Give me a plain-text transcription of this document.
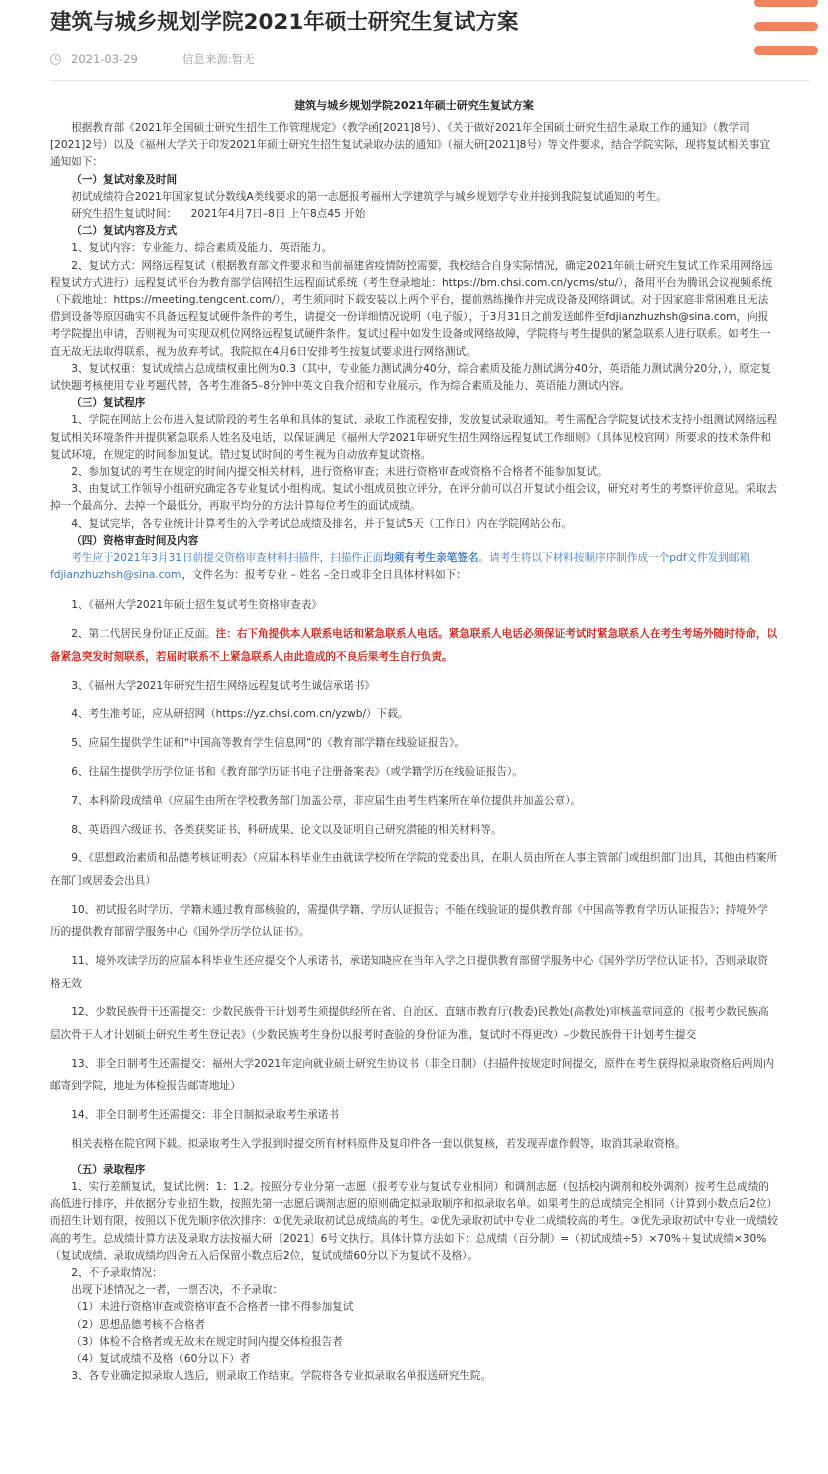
建筑与城乡规划学院2021年硕士研究生复试方案
2021-03-29	信息来源:暂无
建筑与城乡规划学院2021年硕士研究生复试方案

根据教育部《2021年全国硕士研究生招生工作管理规定》（教学函[2021]8号）、《关于做好2021年全国硕士研究生招生录取工作的通知》（教学司[2021]2号）以及《福州大学关于印发2021年硕士研究生招生复试录取办法的通知》（福大研[2021]8号）等文件要求，结合学院实际，现将复试相关事宜通知如下：

（一）复试对象及时间

初试成绩符合2021年国家复试分数线A类线要求的第一志愿报考福州大学建筑学与城乡规划学专业并接到我院复试通知的考生。

研究生招生复试时间：    2021年4月7日–8日 上午8点45 开始

（二）复试内容及方式

1、复试内容：专业能力、综合素质及能力、英语能力。

2、复试方式：网络远程复试（根据教育部文件要求和当前福建省疫情防控需要，我校结合自身实际情况，确定2021年硕士研究生复试工作采用网络远程复试方式进行）远程复试平台为教育部学信网招生远程面试系统（考生登录地址：https://bm.chsi.com.cn/ycms/stu/），备用平台为腾讯会议视频系统（下载地址：https://meeting.tengcent.com/），考生须同时下载安装以上两个平台，提前熟练操作并完成设备及网络调试。对于因家庭非常困难且无法借到设备等原因确实不具备远程复试硬件条件的考生，请提交一份详细情况说明（电子版），于3月31日之前发送邮件至fdjianzhuzhsh@sina.com，向报考学院提出申请，否则视为可实现双机位网络远程复试硬件条件。复试过程中如发生设备或网络故障，学院将与考生提供的紧急联系人进行联系。如考生一直无故无法取得联系，视为放弃考试。我院拟在4月6日安排考生按复试要求进行网络测试。

3、复试权重：复试成绩占总成绩权重比例为0.3（其中，专业能力测试满分40分，综合素质及能力测试满分40分，英语能力测试满分20分，），原定复试快题考核使用专业考题代替，各考生准备5–8分钟中英文自我介绍和专业展示，作为综合素质及能力、英语能力测试内容。

（三）复试程序

1、学院在网站上公布进入复试阶段的考生名单和具体的复试、录取工作流程安排，发放复试录取通知。考生需配合学院复试技术支持小组测试网络远程复试相关环境条件并提供紧急联系人姓名及电话，以保证满足《福州大学2021年研究生招生网络远程复试工作细则》（具体见校官网）所要求的技术条件和复试环境，在规定的时间参加复试。错过复试时间的考生视为自动放弃复试资格。

2、参加复试的考生在规定的时间内提交相关材料，进行资格审查；未进行资格审查或资格不合格者不能参加复试。

3、由复试工作领导小组研究确定各专业复试小组构成。复试小组成员独立评分，在评分前可以召开复试小组会议，研究对考生的考察评价意见。采取去掉一个最高分、去掉一个最低分，再取平均分的方法计算每位考生的面试成绩。

4、复试完毕，各专业统计计算考生的入学考试总成绩及排名，并于复试5天（工作日）内在学院网站公布。

（四）资格审查时间及内容

考生应于2021年3月31日前提交资格审查材料扫描件，扫描件正面均须有考生亲笔签名。请考生将以下材料按顺序序制作成一个pdf文件发到邮箱fdjianzhuzhsh@sina.com，文件名为：报考专业 – 姓名 –全日或非全日具体材料如下：

1、《福州大学2021年硕士招生复试考生资格审查表》

2、第二代居民身份证正反面。注：右下角提供本人联系电话和紧急联系人电话。紧急联系人电话必须保证考试时紧急联系人在考生考场外随时待命，以备紧急突发时刻联系，若届时联系不上紧急联系人由此造成的不良后果考生自行负责。

3、《福州大学2021年研究生招生网络远程复试考生诚信承诺书》

4、考生准考证，应从研招网（https://yz.chsi.com.cn/yzwb/）下载。

5、应届生提供学生证和“中国高等教育学生信息网”的《教育部学籍在线验证报告》。

6、往届生提供学历学位证书和《教育部学历证书电子注册备案表》（或学籍学历在线验证报告）。

7、本科阶段成绩单（应届生由所在学校教务部门加盖公章，非应届生由考生档案所在单位提供并加盖公章）。

8、英语四六级证书、各类获奖证书、科研成果、论文以及证明自己研究潜能的相关材料等。

9、《思想政治素质和品德考核证明表》（应届本科毕业生由就读学校所在学院的党委出具，在职人员由所在人事主管部门或组织部门出具，其他由档案所在部门或居委会出具）

10、初试报名时学历、学籍未通过教育部核验的，需提供学籍、学历认证报告；不能在线验证的提供教育部《中国高等教育学历认证报告》；持境外学历的提供教育部留学服务中心《国外学历学位认证书》。

11、境外攻读学历的应届本科毕业生还应提交个人承诺书，承诺知晓应在当年入学之日提供教育部留学服务中心《国外学历学位认证书》，否则录取资格无效

12、少数民族骨干还需提交：少数民族骨干计划考生须提供经所在省、自治区、直辖市教育厅(教委)民教处(高教处)审核盖章同意的《报考少数民族高层次骨干人才计划硕士研究生考生登记表》（少数民族考生身份以报考时查验的身份证为准，复试时不得更改）–少数民族骨干计划考生提交

13、非全日制考生还需提交：福州大学2021年定向就业硕士研究生协议书（非全日制）（扫描件按规定时间提交，原件在考生获得拟录取资格后两周内邮寄到学院，地址为体检报告邮寄地址）

14、非全日制考生还需提交：非全日制拟录取考生承诺书

相关表格在院官网下载。拟录取考生入学报到时提交所有材料原件及复印件各一套以供复核，若发现弄虚作假等，取消其录取资格。

（五）录取程序

1、实行差额复试，复试比例：1：1.2。按照分专业分第一志愿（报考专业与复试专业相同）和调剂志愿（包括校内调剂和校外调剂）按考生总成绩的高低进行排序，并依据分专业招生数，按照先第一志愿后调剂志愿的原则确定拟录取顺序和拟录取名单。如果考生的总成绩完全相同（计算到小数点后2位）而招生计划有限，按照以下优先顺序依次排序：①优先录取初试总成绩高的考生。②优先录取初试中专业二成绩较高的考生。③优先录取初试中专业一成绩较高的考生。总成绩计算方法及录取方法按福大研〔2021〕6号文执行。具体计算方法如下：总成绩（百分制）=（初试成绩÷5）×70%＋复试成绩×30%（复试成绩、录取成绩均四舍五入后保留小数点后2位，复试成绩60分以下为复试不及格）。

2、不予录取情况：

出现下述情况之一者，一票否决，不予录取：

（1）未进行资格审查或资格审查不合格者一律不得参加复试

（2）思想品德考核不合格者

（3）体检不合格者或无故未在规定时间内提交体检报告者

（4）复试成绩不及格（60分以下）者

3、各专业确定拟录取人选后，则录取工作结束。学院将各专业拟录取名单报送研究生院。
